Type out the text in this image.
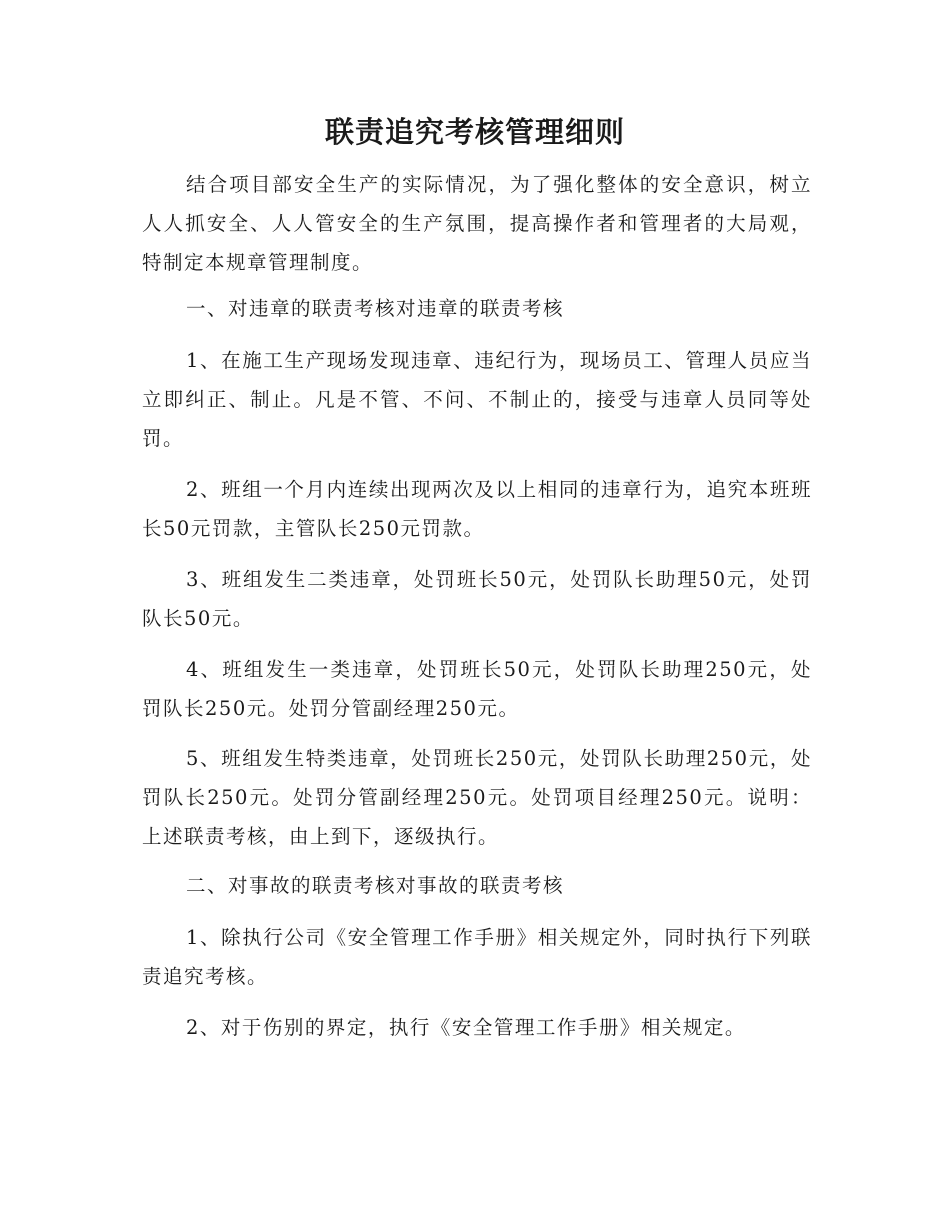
联责追究考核管理细则

结合项目部安全生产的实际情况，为了强化整体的安全意识，树立人人抓安全、人人管安全的生产氛围，提高操作者和管理者的大局观，特制定本规章管理制度。

一、对违章的联责考核对违章的联责考核

1、在施工生产现场发现违章、违纪行为，现场员工、管理人员应当立即纠正、制止。凡是不管、不问、不制止的，接受与违章人员同等处罚。

2、班组一个月内连续出现两次及以上相同的违章行为，追究本班班长50元罚款，主管队长250元罚款。

3、班组发生二类违章，处罚班长50元，处罚队长助理50元，处罚队长50元。

4、班组发生一类违章，处罚班长50元，处罚队长助理250元，处罚队长250元。处罚分管副经理250元。

5、班组发生特类违章，处罚班长250元，处罚队长助理250元，处罚队长250元。处罚分管副经理250元。处罚项目经理250元。说明：上述联责考核，由上到下，逐级执行。

二、对事故的联责考核对事故的联责考核

1、除执行公司《安全管理工作手册》相关规定外，同时执行下列联责追究考核。

2、对于伤别的界定，执行《安全管理工作手册》相关规定。
